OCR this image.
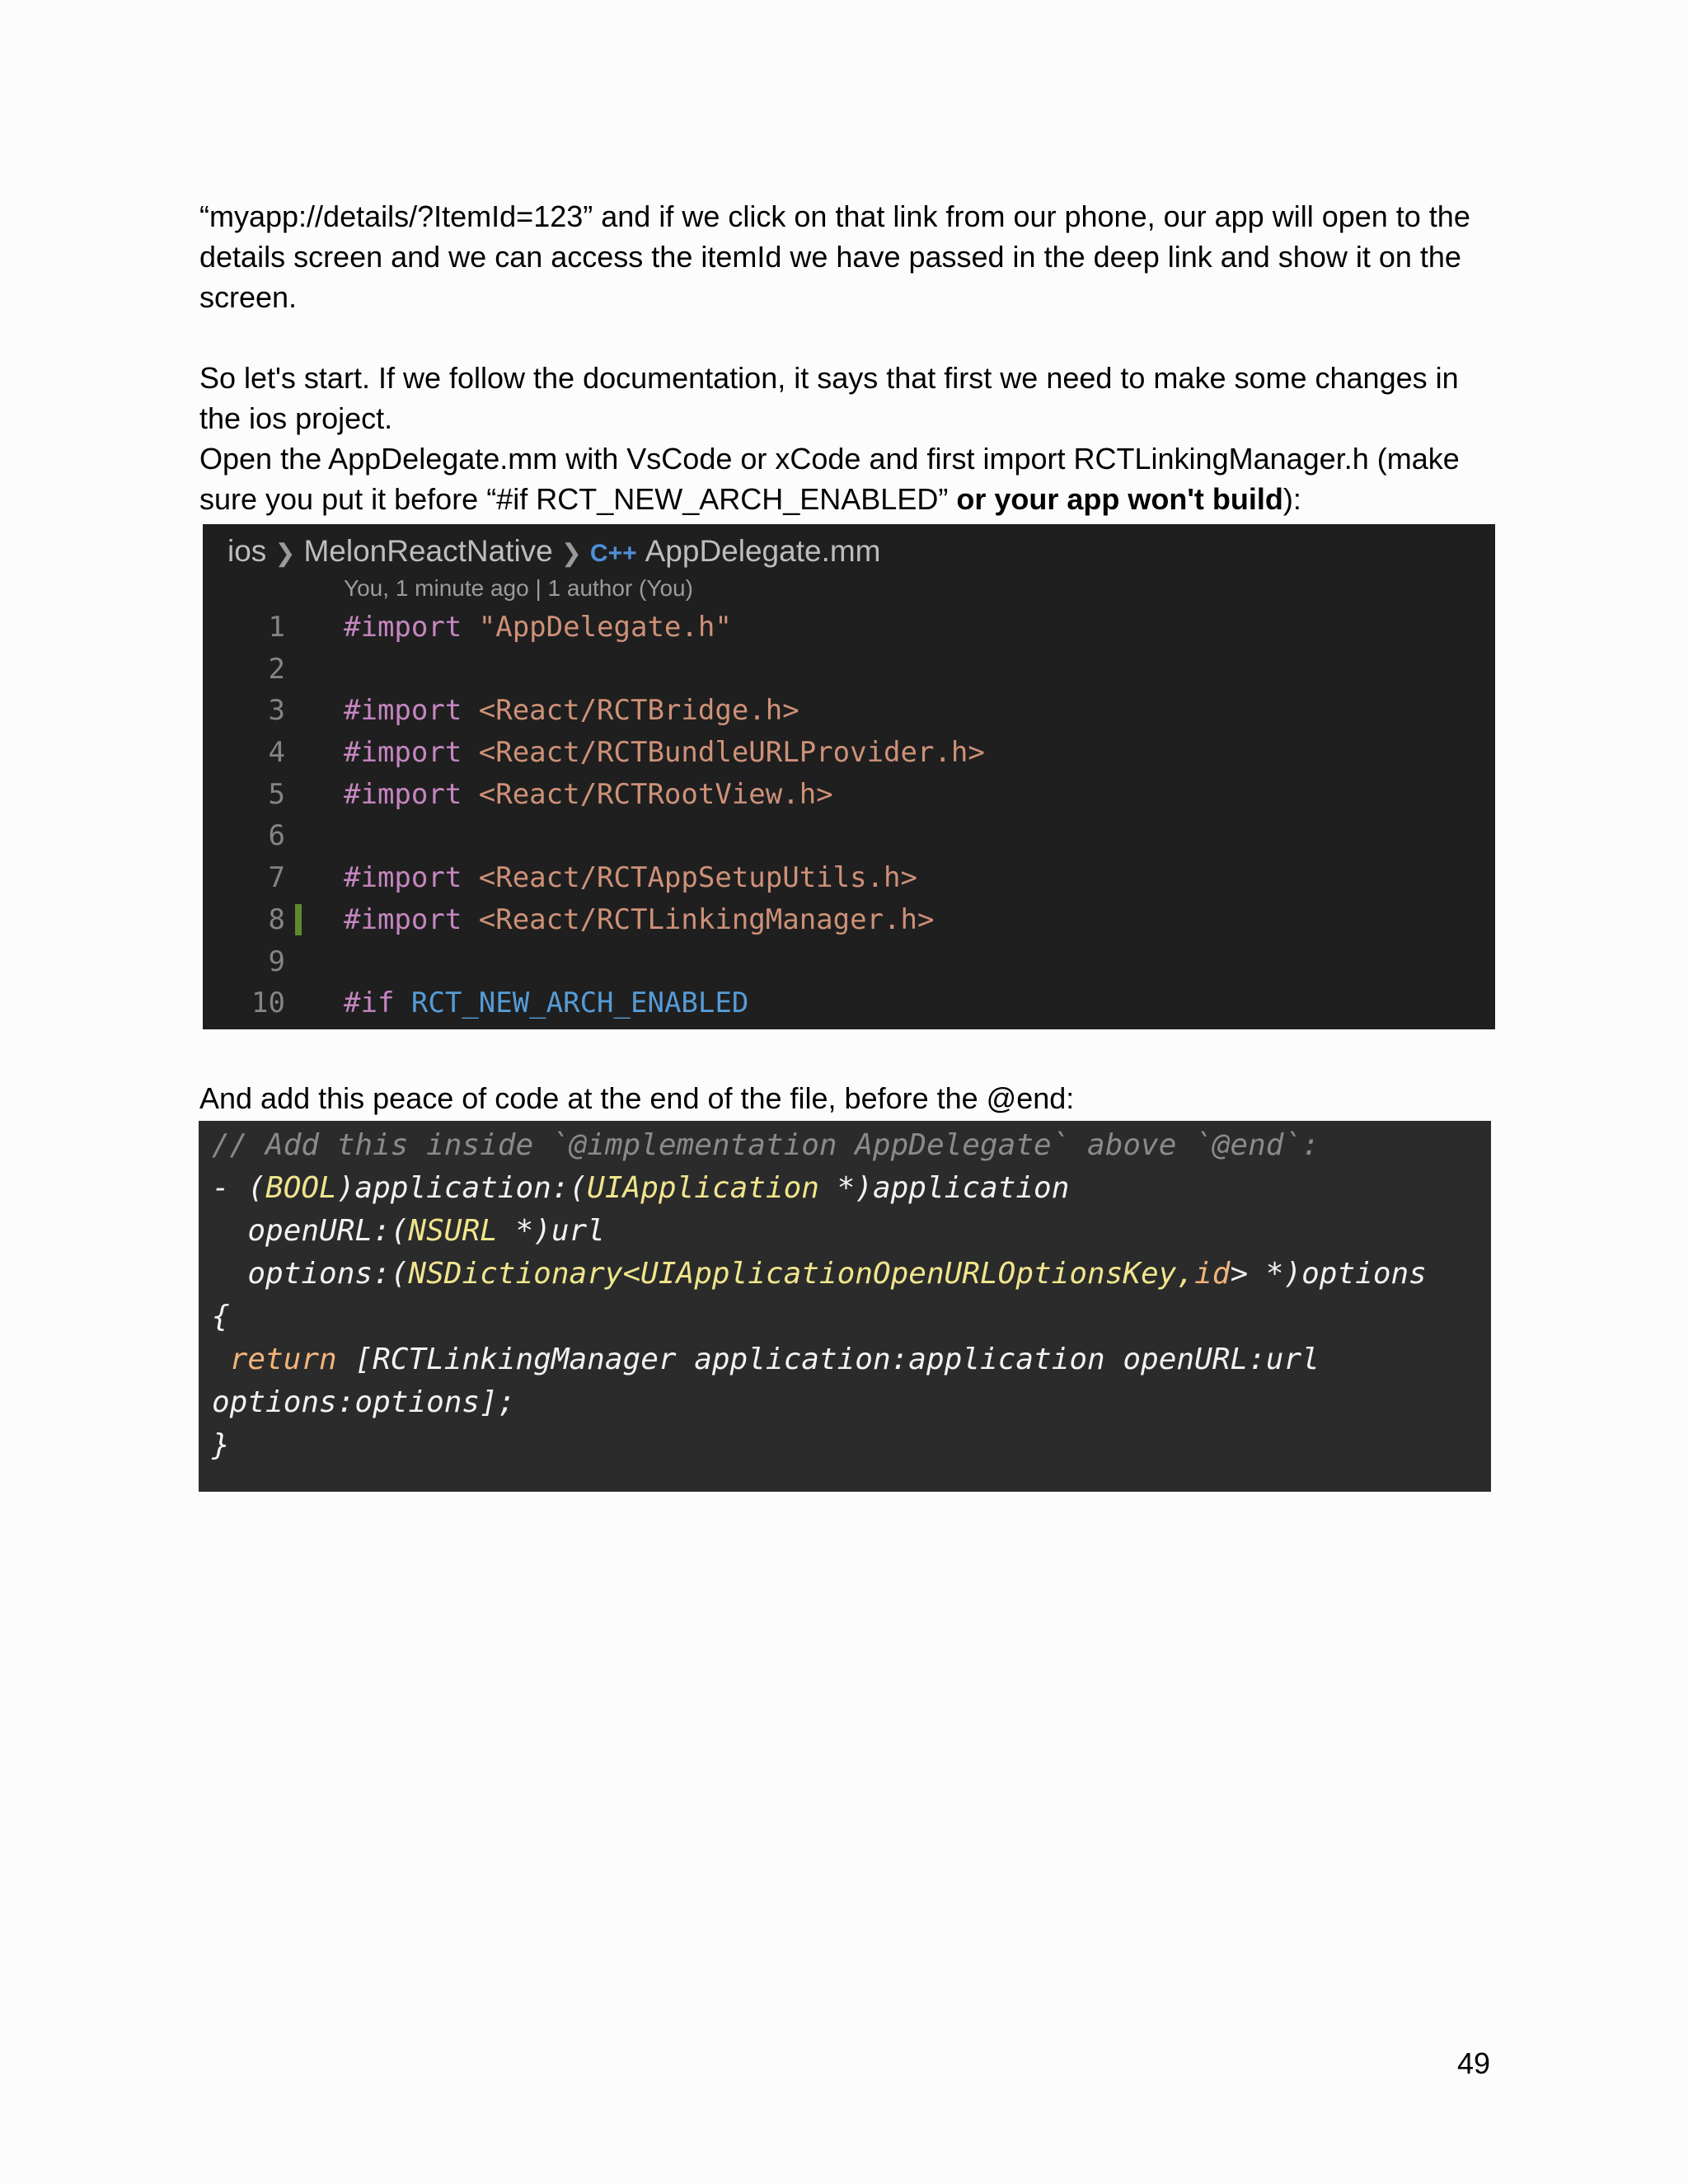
“myapp://details/?ItemId=123” and if we click on that link from our phone, our app will open to the details screen and we can access the itemId we have passed in the deep link and show it on the screen.

So let's start. If we follow the documentation, it says that first we need to make some changes in the ios project.
Open the AppDelegate.mm with VsCode or xCode and first import RCTLinkingManager.h (make sure you put it before “#if RCT_NEW_ARCH_ENABLED” or your app won't build):
ios ❯ MelonReactNative ❯ C++ AppDelegate.mm
You, 1 minute ago | 1 author (You)
1 #import "AppDelegate.h"
2
3 #import <React/RCTBridge.h>
4 #import <React/RCTBundleURLProvider.h>
5 #import <React/RCTRootView.h>
6
7 #import <React/RCTAppSetupUtils.h>
8 #import <React/RCTLinkingManager.h>
9
10 #if RCT_NEW_ARCH_ENABLED

And add this peace of code at the end of the file, before the @end:

// Add this inside `@implementation AppDelegate` above `@end`:
- (BOOL)application:(UIApplication *)application
openURL:(NSURL *)url
options:(NSDictionary<UIApplicationOpenURLOptionsKey,id> *)options
{
return [RCTLinkingManager application:application openURL:url
options:options];
}
49
